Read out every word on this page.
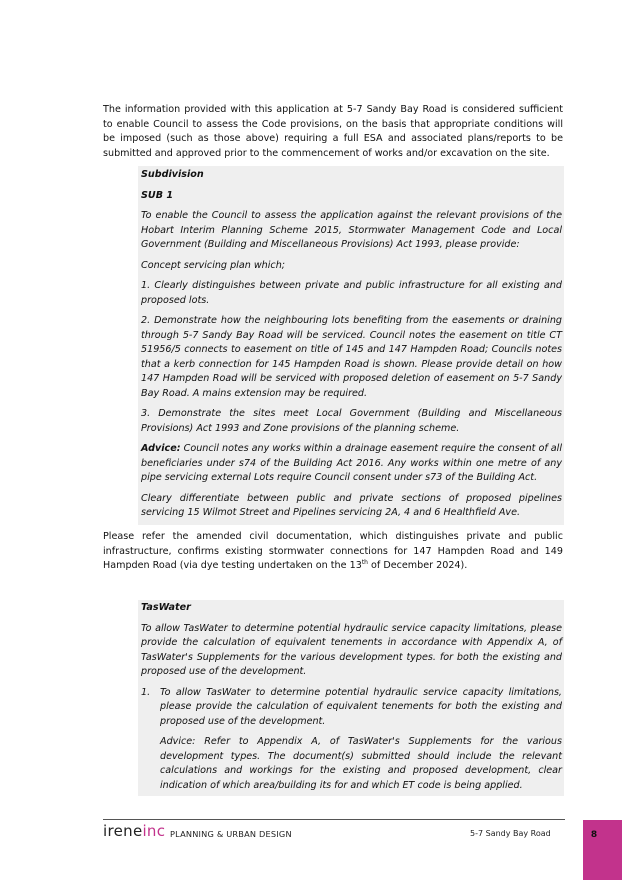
The information provided with this application at 5-7 Sandy Bay Road is considered sufficient to enable Council to assess the Code provisions, on the basis that appropriate conditions will be imposed (such as those above) requiring a full ESA and associated plans/reports to be submitted and approved prior to the commencement of works and/or excavation on the site.

Subdivision

SUB 1

To enable the Council to assess the application against the relevant provisions of the Hobart Interim Planning Scheme 2015, Stormwater Management Code and Local Government (Building and Miscellaneous Provisions) Act 1993, please provide:

Concept servicing plan which;

1. Clearly distinguishes between private and public infrastructure for all existing and proposed lots.

2. Demonstrate how the neighbouring lots benefiting from the easements or draining through 5-7 Sandy Bay Road will be serviced. Council notes the easement on title CT 51956/5 connects to easement on title of 145 and 147 Hampden Road; Councils notes that a kerb connection for 145 Hampden Road is shown. Please provide detail on how 147 Hampden Road will be serviced with proposed deletion of easement on 5-7 Sandy Bay Road. A mains extension may be required.

3. Demonstrate the sites meet Local Government (Building and Miscellaneous Provisions) Act 1993 and Zone provisions of the planning scheme.

Advice: Council notes any works within a drainage easement require the consent of all beneficiaries under s74 of the Building Act 2016. Any works within one metre of any pipe servicing external Lots require Council consent under s73 of the Building Act.

Cleary differentiate between public and private sections of proposed pipelines servicing 15 Wilmot Street and Pipelines servicing 2A, 4 and 6 Healthfield Ave.

Please refer the amended civil documentation, which distinguishes private and public infrastructure, confirms existing stormwater connections for 147 Hampden Road and 149 Hampden Road (via dye testing undertaken on the 13th of December 2024).

TasWater

To allow TasWater to determine potential hydraulic service capacity limitations, please provide the calculation of equivalent tenements in accordance with Appendix A, of TasWater's Supplements for the various development types. for both the existing and proposed use of the development.

1.	To allow TasWater to determine potential hydraulic service capacity limitations, please provide the calculation of equivalent tenements for both the existing and proposed use of the development.

Advice: Refer to Appendix A, of TasWater's Supplements for the various development types. The document(s) submitted should include the relevant calculations and workings for the existing and proposed development, clear indication of which area/building its for and which ET code is being applied.

ireneinc PLANNING & URBAN DESIGN	5-7 Sandy Bay Road	8
